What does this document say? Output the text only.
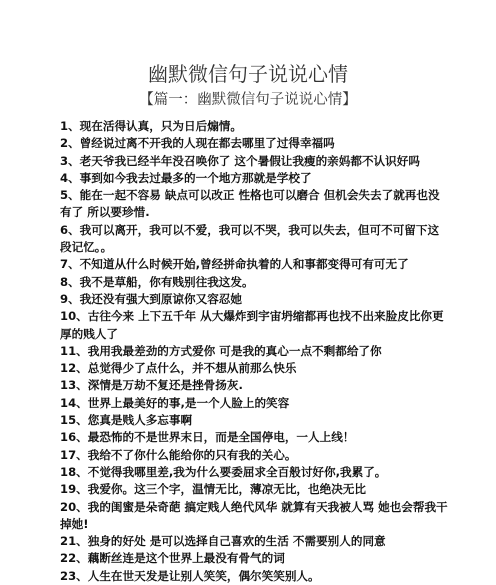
幽默微信句子说说心情
【篇一：幽默微信句子说说心情】

1、现在活得认真，只为日后煽情。

2、曾经说过离不开我的人现在都去哪里了过得幸福吗

3、老天爷我已经半年没召唤你了 这个暑假让我瘦的亲妈都不认识好吗

4、事到如今我去过最多的一个地方那就是学校了

5、能在一起不容易 缺点可以改正 性格也可以磨合 但机会失去了就再也没有了 所以要珍惜.

6、我可以离开，我可以不爱，我可以不哭，我可以失去，但可不可留下这段记忆。。

7、不知道从什么时候开始,曾经拼命执着的人和事都变得可有可无了

8、我不是草船，你有贱别往我这发。

9、我还没有强大到原谅你又容忍她

10、古往今来 上下五千年 从大爆炸到宇宙坍缩都再也找不出来脸皮比你更厚的贱人了

11、我用我最差劲的方式爱你 可是我的真心一点不剩都给了你

12、总觉得少了点什么，并不想从前那么快乐

13、深情是万劫不复还是挫骨扬灰.

14、世界上最美好的事,是一个人脸上的笑容

15、您真是贱人多忘事啊

16、最恐怖的不是世界末日，而是全国停电，一人上线！

17、我给不了你什么能给你的只有我的关心。

18、不觉得我哪里差,我为什么要委屈求全百般讨好你,我累了。

19、我爱你。这三个字，温情无比，薄凉无比，也绝决无比

20、我的闺蜜是朵奇葩 搞定贱人绝代风华 就算有天我被人骂 她也会帮我干掉她!

21、独身的好处 是可以选择自己喜欢的生活 不需要别人的同意

22、藕断丝连是这个世界上最没有骨气的词

23、人生在世天发是让别人笑笑，偶尔笑笑别人。
